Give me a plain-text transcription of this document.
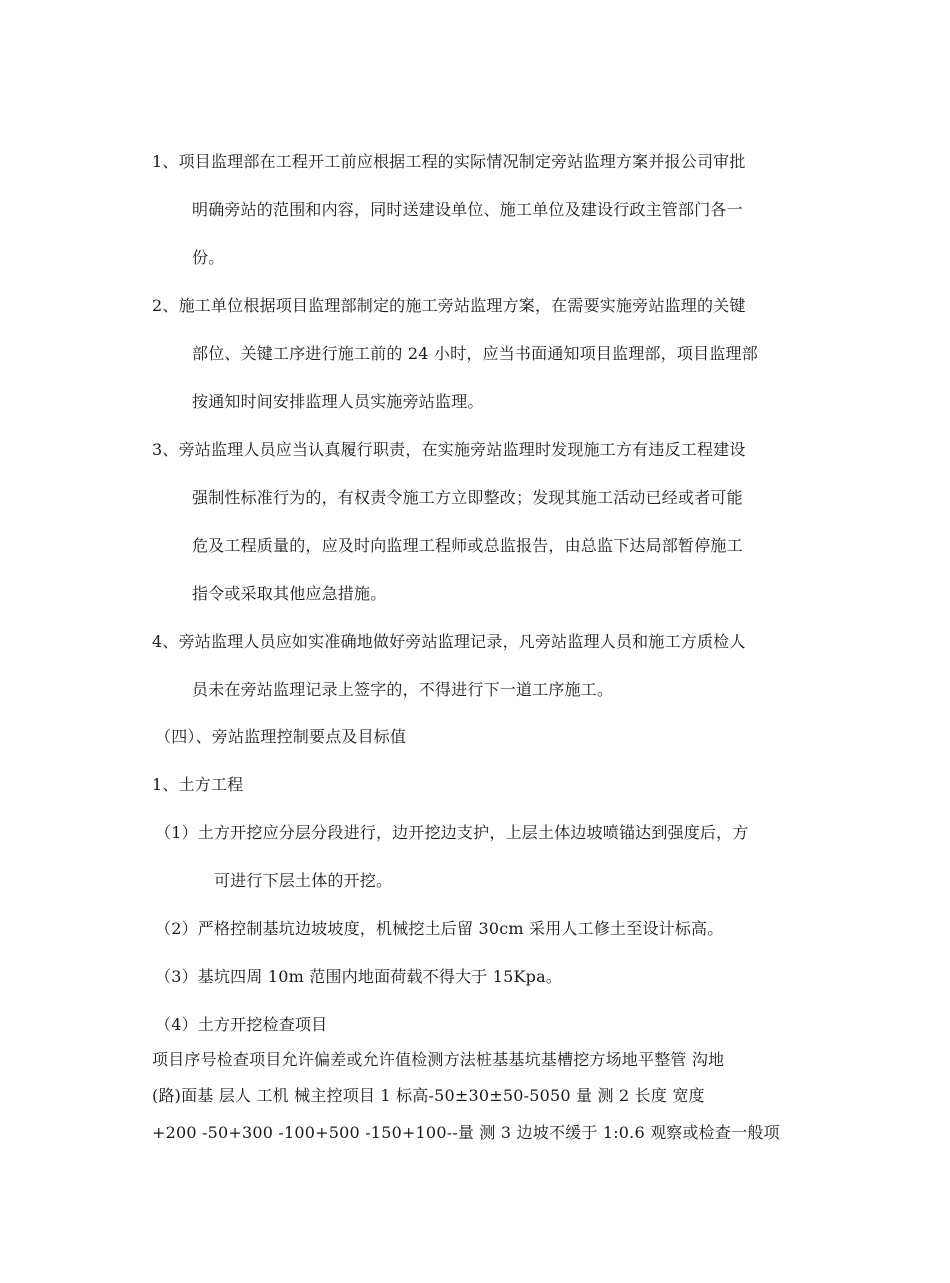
1、项目监理部在工程开工前应根据工程的实际情况制定旁站监理方案并报公司审批
明确旁站的范围和内容，同时送建设单位、施工单位及建设行政主管部门各一
份。
2、施工单位根据项目监理部制定的施工旁站监理方案，在需要实施旁站监理的关键
部位、关键工序进行施工前的 24 小时，应当书面通知项目监理部，项目监理部
按通知时间安排监理人员实施旁站监理。
3、旁站监理人员应当认真履行职责，在实施旁站监理时发现施工方有违反工程建设
强制性标准行为的，有权责令施工方立即整改；发现其施工活动已经或者可能
危及工程质量的，应及时向监理工程师或总监报告，由总监下达局部暂停施工
指令或采取其他应急措施。
4、旁站监理人员应如实准确地做好旁站监理记录，凡旁站监理人员和施工方质检人
员未在旁站监理记录上签字的，不得进行下一道工序施工。
（四）、旁站监理控制要点及目标值
1、土方工程
（1）土方开挖应分层分段进行，边开挖边支护，上层土体边坡喷锚达到强度后，方
可进行下层土体的开挖。
（2）严格控制基坑边坡坡度，机械挖土后留 30cm 采用人工修土至设计标高。
（3）基坑四周 10m 范围内地面荷载不得大于 15Kpa。
（4）土方开挖检查项目
项目序号检查项目允许偏差或允许值检测方法桩基基坑基槽挖方场地平整管 沟地
(路)面基 层人 工机 械主控项目 1 标高-50±30±50-5050 量 测 2 长度 宽度
+200 -50+300 -100+500 -150+100--量 测 3 边坡不缓于 1:0.6 观察或检查一般项
